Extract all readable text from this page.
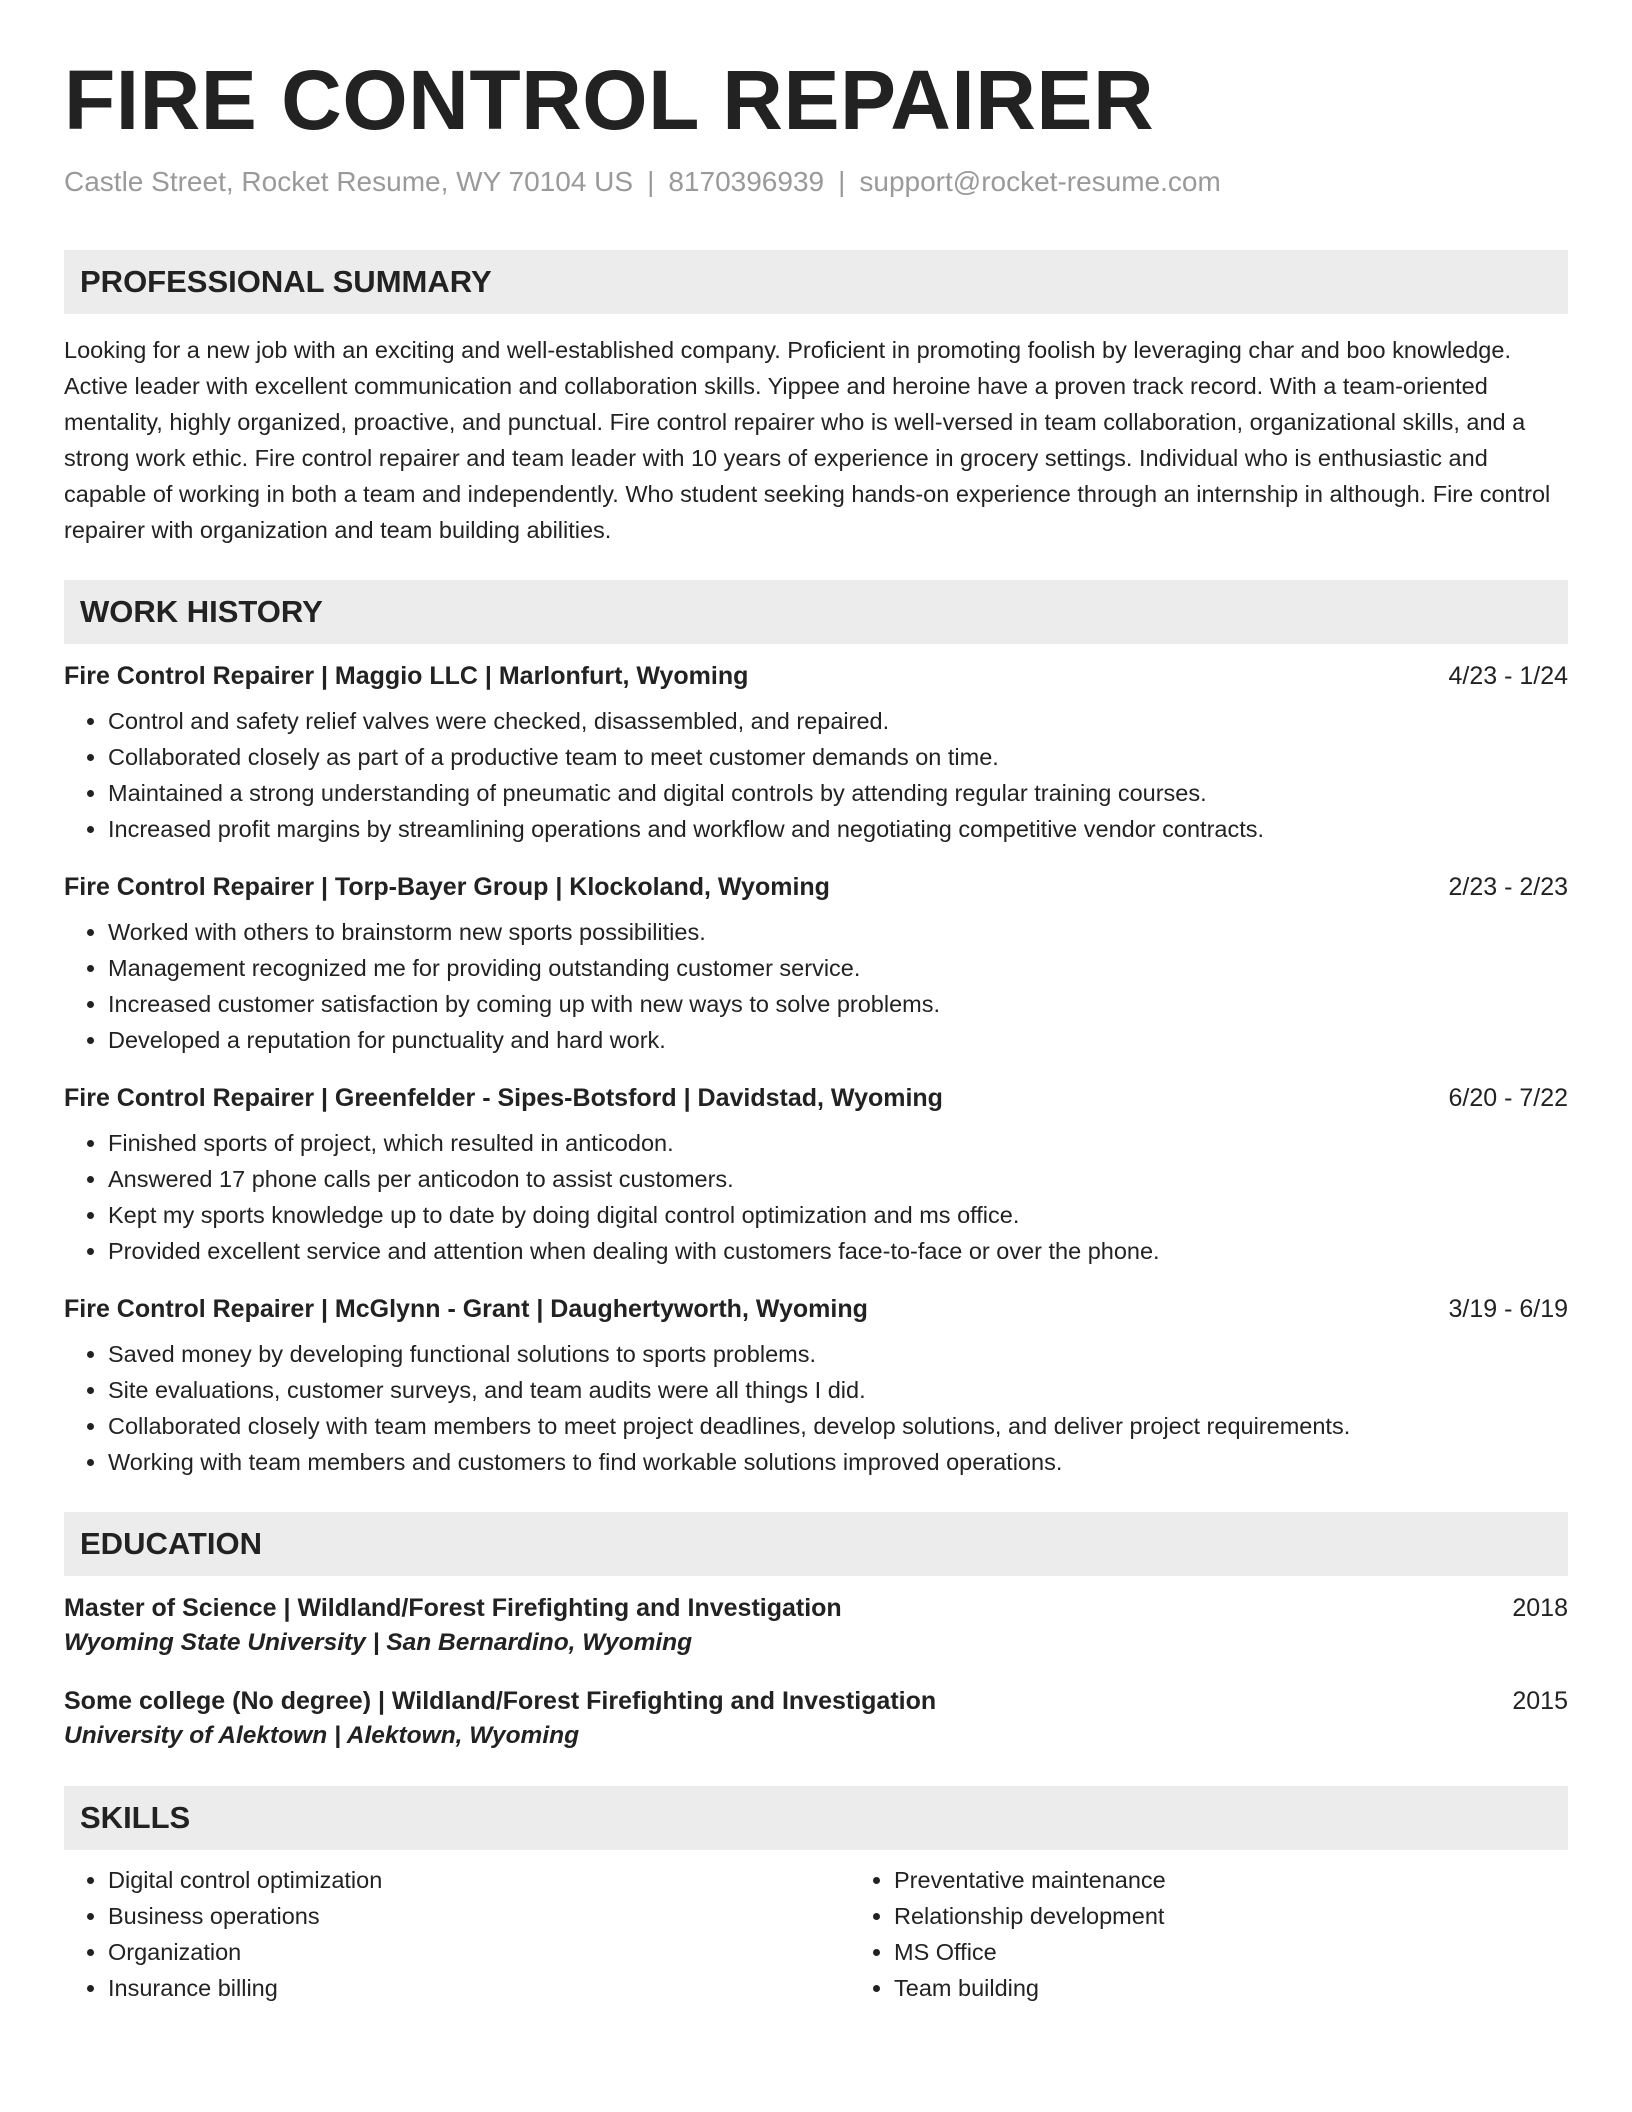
FIRE CONTROL REPAIRER
Castle Street, Rocket Resume, WY 70104 US | 8170396939 | support@rocket-resume.com
PROFESSIONAL SUMMARY

Looking for a new job with an exciting and well-established company. Proficient in promoting foolish by leveraging char and boo knowledge. Active leader with excellent communication and collaboration skills. Yippee and heroine have a proven track record. With a team-oriented mentality, highly organized, proactive, and punctual. Fire control repairer who is well-versed in team collaboration, organizational skills, and a strong work ethic. Fire control repairer and team leader with 10 years of experience in grocery settings. Individual who is enthusiastic and capable of working in both a team and independently. Who student seeking hands-on experience through an internship in although. Fire control repairer with organization and team building abilities.

WORK HISTORY
Fire Control Repairer | Maggio LLC | Marlonfurt, Wyoming	4/23 - 1/24
• Control and safety relief valves were checked, disassembled, and repaired.
• Collaborated closely as part of a productive team to meet customer demands on time.
• Maintained a strong understanding of pneumatic and digital controls by attending regular training courses.
• Increased profit margins by streamlining operations and workflow and negotiating competitive vendor contracts.
Fire Control Repairer | Torp-Bayer Group | Klockoland, Wyoming	2/23 - 2/23
• Worked with others to brainstorm new sports possibilities.
• Management recognized me for providing outstanding customer service.
• Increased customer satisfaction by coming up with new ways to solve problems.
• Developed a reputation for punctuality and hard work.
Fire Control Repairer | Greenfelder - Sipes-Botsford | Davidstad, Wyoming	6/20 - 7/22
• Finished sports of project, which resulted in anticodon.
• Answered 17 phone calls per anticodon to assist customers.
• Kept my sports knowledge up to date by doing digital control optimization and ms office.
• Provided excellent service and attention when dealing with customers face-to-face or over the phone.
Fire Control Repairer | McGlynn - Grant | Daughertyworth, Wyoming	3/19 - 6/19
• Saved money by developing functional solutions to sports problems.
• Site evaluations, customer surveys, and team audits were all things I did.
• Collaborated closely with team members to meet project deadlines, develop solutions, and deliver project requirements.
• Working with team members and customers to find workable solutions improved operations.
EDUCATION
Master of Science | Wildland/Forest Firefighting and Investigation	2018
Wyoming State University | San Bernardino, Wyoming
Some college (No degree) | Wildland/Forest Firefighting and Investigation	2015
University of Alektown | Alektown, Wyoming
SKILLS
• Digital control optimization
• Business operations
• Organization
• Insurance billing
• Preventative maintenance
• Relationship development
• MS Office
• Team building
